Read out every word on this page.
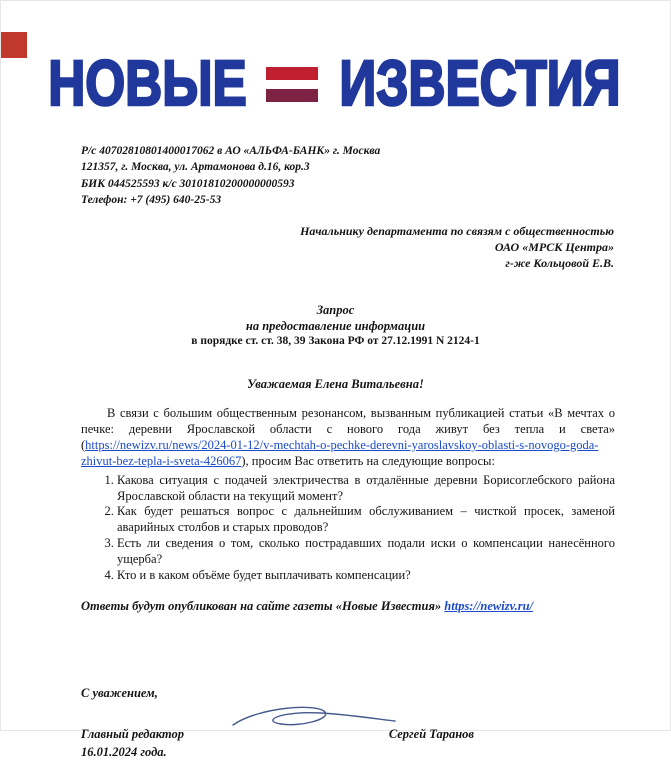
НОВЫЕ ИЗВЕСТИЯ
Р/с 40702810801400017062 в АО «АЛЬФА-БАНК» г. Москва
121357, г. Москва, ул. Артамонова д.16, кор.3
БИК 044525593 к/с 30101810200000000593
Телефон: +7 (495) 640-25-53
Начальнику департамента по связям с общественностью
ОАО «МРСК Центра»
г-же Кольцовой Е.В.
Запрос
на предоставление информации
в порядке ст. ст. 38, 39 Закона РФ от 27.12.1991 N 2124-1
Уважаемая Елена Витальевна!

В связи с большим общественным резонансом, вызванным публикацией статьи «В мечтах о печке: деревни Ярославской области с нового года живут без тепла и света» (https://newizv.ru/news/2024-01-12/v-mechtah-o-pechke-derevni-yaroslavskoy-oblasti-s-novogo-goda-zhivut-bez-tepla-i-sveta-426067), просим Вас ответить на следующие вопросы:

1. Какова ситуация с подачей электричества в отдалённые деревни Борисоглебского района Ярославской области на текущий момент?
2. Как будет решаться вопрос с дальнейшим обслуживанием – чисткой просек, заменой аварийных столбов и старых проводов?
3. Есть ли сведения о том, сколько пострадавших подали иски о компенсации нанесённого ущерба?
4. Кто и в каком объёме будет выплачивать компенсации?
Ответы будут опубликован на сайте газеты «Новые Известия» https://newizv.ru/
С уважением,
Главный редактор	Сергей Таранов
16.01.2024 года.
